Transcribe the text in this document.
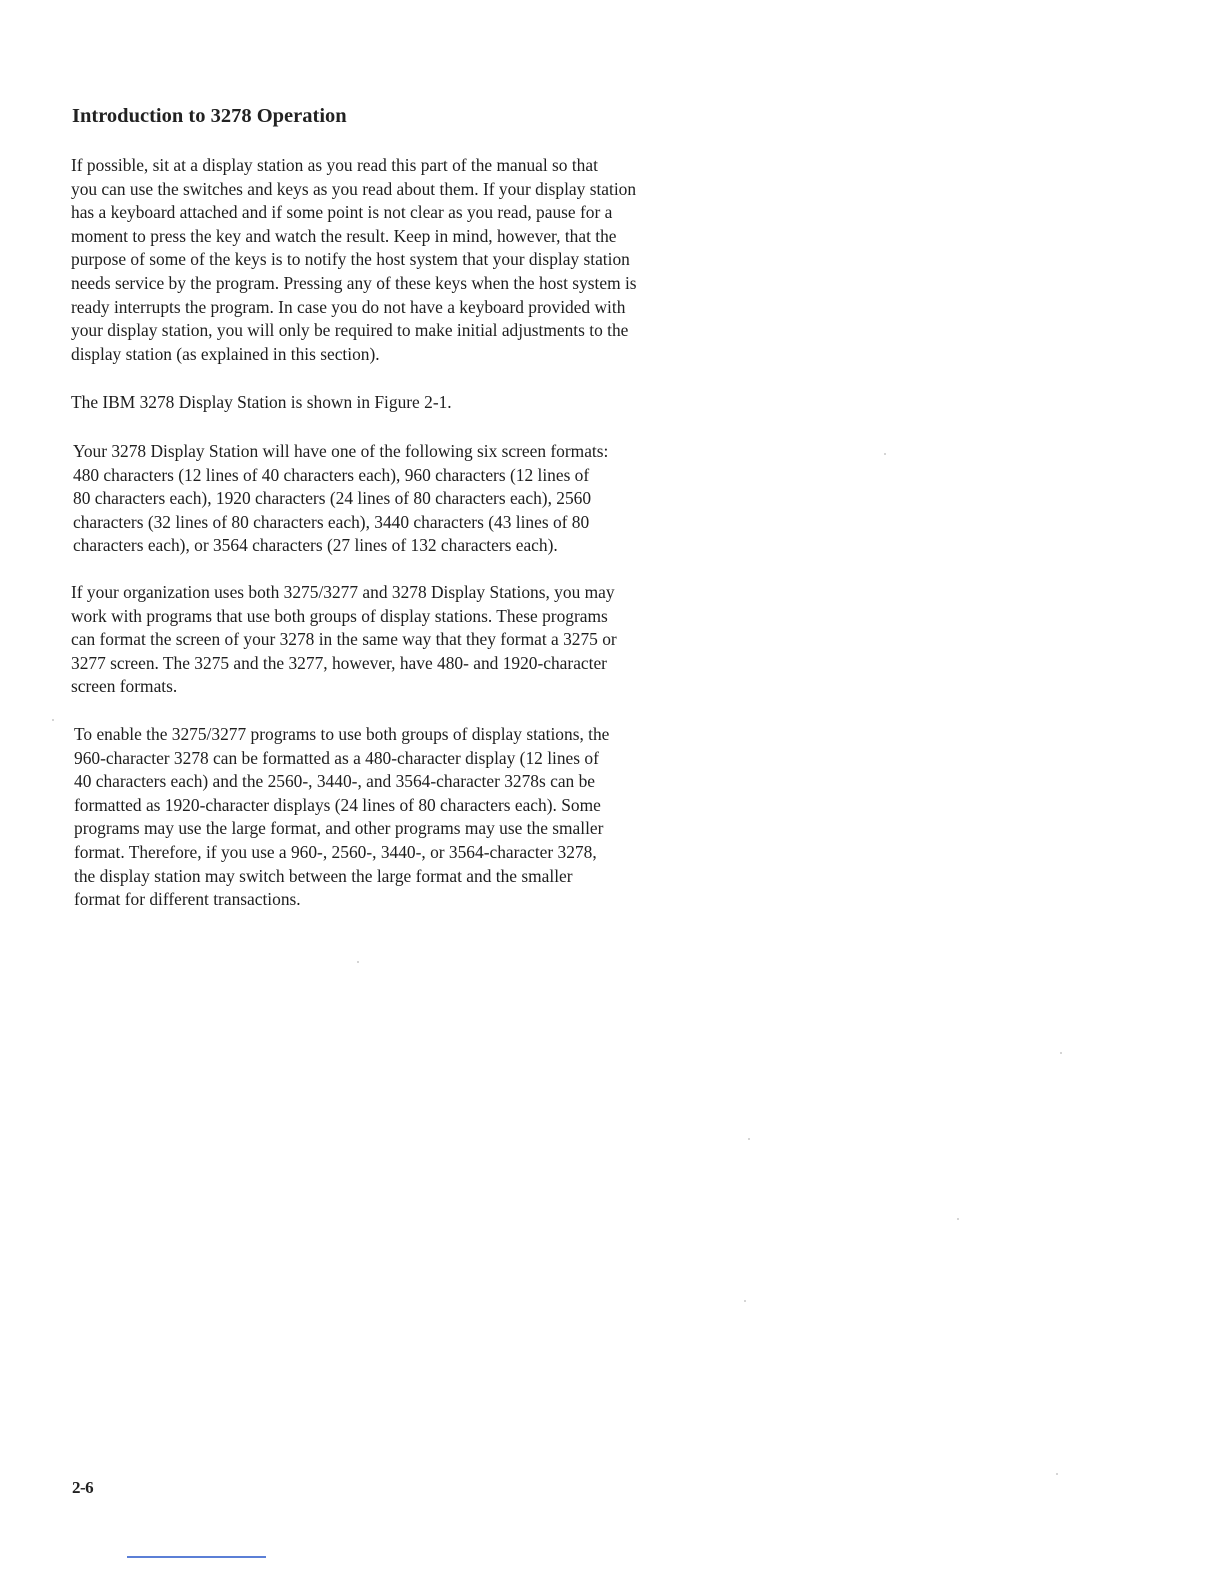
Introduction to 3278 Operation
If possible, sit at a display station as you read this part of the manual so that
you can use the switches and keys as you read about them. If your display station
has a keyboard attached and if some point is not clear as you read, pause for a
moment to press the key and watch the result. Keep in mind, however, that the
purpose of some of the keys is to notify the host system that your display station
needs service by the program. Pressing any of these keys when the host system is
ready interrupts the program. In case you do not have a keyboard provided with
your display station, you will only be required to make initial adjustments to the
display station (as explained in this section).
The IBM 3278 Display Station is shown in Figure 2-1.
Your 3278 Display Station will have one of the following six screen formats:
480 characters (12 lines of 40 characters each), 960 characters (12 lines of
80 characters each), 1920 characters (24 lines of 80 characters each), 2560
characters (32 lines of 80 characters each), 3440 characters (43 lines of 80
characters each), or 3564 characters (27 lines of 132 characters each).
If your organization uses both 3275/3277 and 3278 Display Stations, you may
work with programs that use both groups of display stations. These programs
can format the screen of your 3278 in the same way that they format a 3275 or
3277 screen. The 3275 and the 3277, however, have 480- and 1920-character
screen formats.
To enable the 3275/3277 programs to use both groups of display stations, the
960-character 3278 can be formatted as a 480-character display (12 lines of
40 characters each) and the 2560-, 3440-, and 3564-character 3278s can be
formatted as 1920-character displays (24 lines of 80 characters each). Some
programs may use the large format, and other programs may use the smaller
format. Therefore, if you use a 960-, 2560-, 3440-, or 3564-character 3278,
the display station may switch between the large format and the smaller
format for different transactions.

2-6
